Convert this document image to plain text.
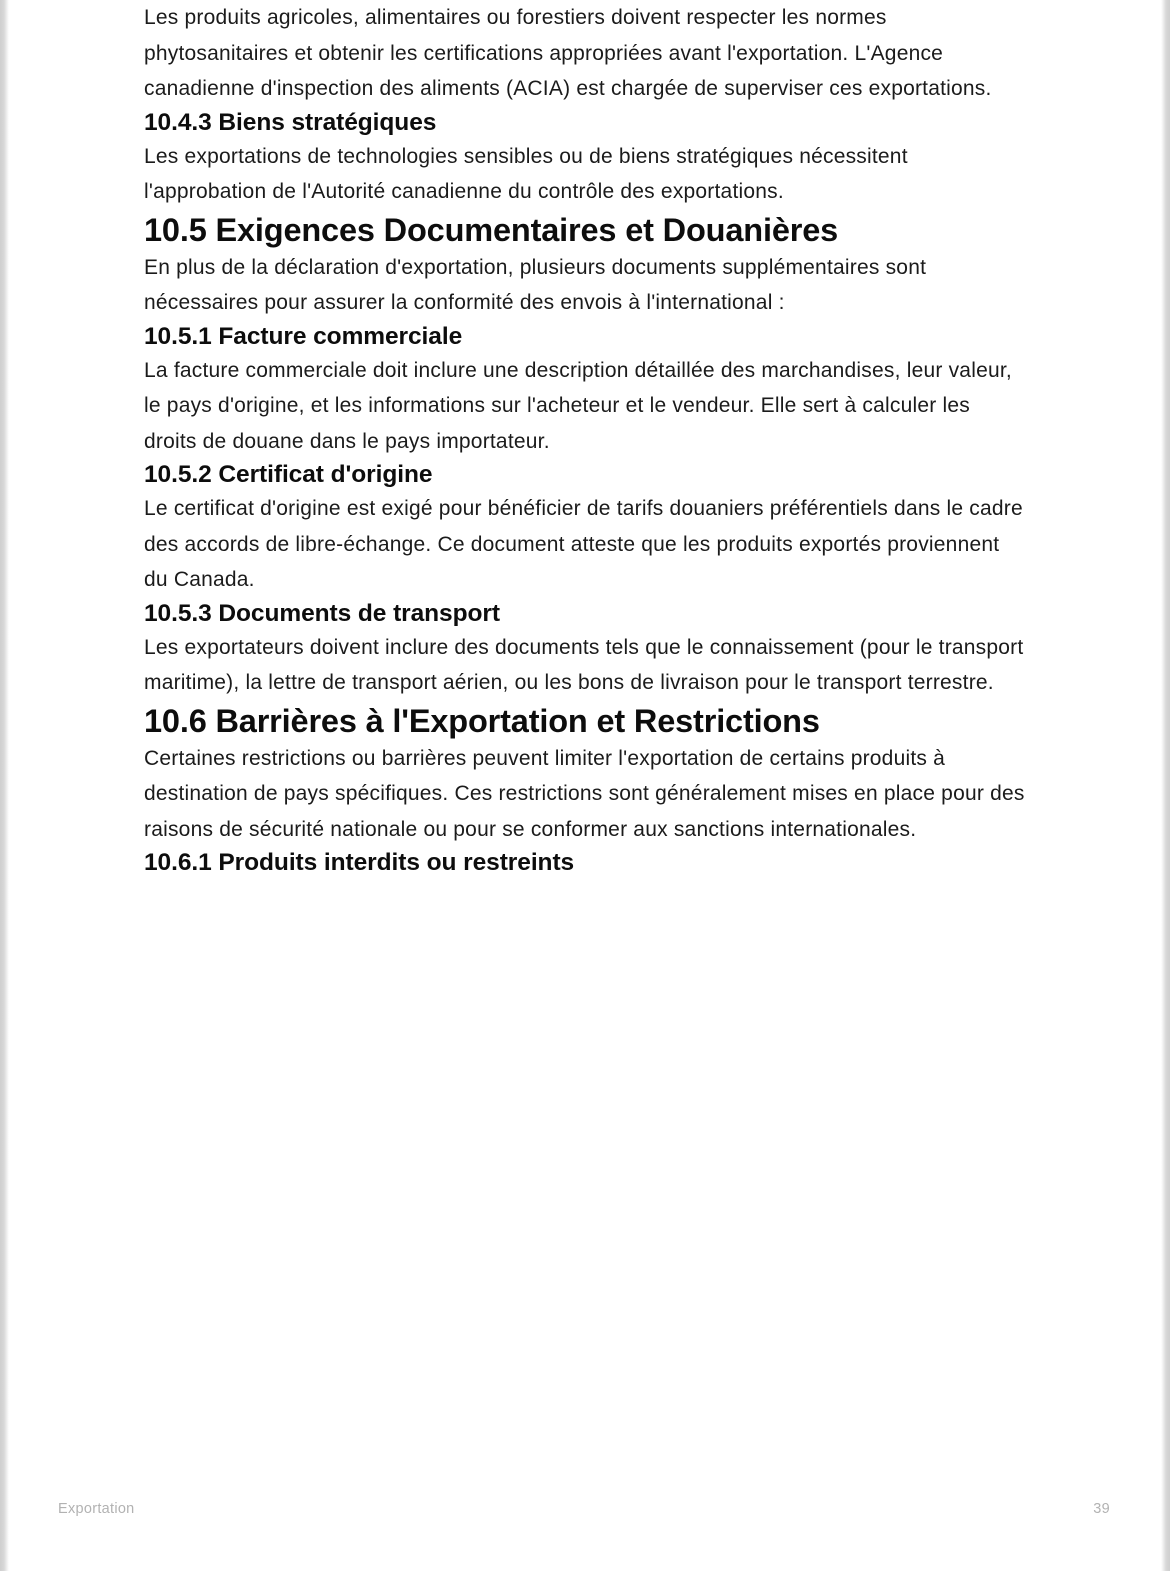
Les produits agricoles, alimentaires ou forestiers doivent respecter les normes phytosanitaires et obtenir les certifications appropriées avant l'exportation. L'Agence canadienne d'inspection des aliments (ACIA) est chargée de superviser ces exportations.

10.4.3 Biens stratégiques

Les exportations de technologies sensibles ou de biens stratégiques nécessitent l'approbation de l'Autorité canadienne du contrôle des exportations.

10.5 Exigences Documentaires et Douanières

En plus de la déclaration d'exportation, plusieurs documents supplémentaires sont nécessaires pour assurer la conformité des envois à l'international :

10.5.1 Facture commerciale

La facture commerciale doit inclure une description détaillée des marchandises, leur valeur, le pays d'origine, et les informations sur l'acheteur et le vendeur. Elle sert à calculer les droits de douane dans le pays importateur.

10.5.2 Certificat d'origine

Le certificat d'origine est exigé pour bénéficier de tarifs douaniers préférentiels dans le cadre des accords de libre-échange. Ce document atteste que les produits exportés proviennent du Canada.

10.5.3 Documents de transport

Les exportateurs doivent inclure des documents tels que le connaissement (pour le transport maritime), la lettre de transport aérien, ou les bons de livraison pour le transport terrestre.

10.6 Barrières à l'Exportation et Restrictions

Certaines restrictions ou barrières peuvent limiter l'exportation de certains produits à destination de pays spécifiques. Ces restrictions sont généralement mises en place pour des raisons de sécurité nationale ou pour se conformer aux sanctions internationales.

10.6.1 Produits interdits ou restreints
Exportation	39
